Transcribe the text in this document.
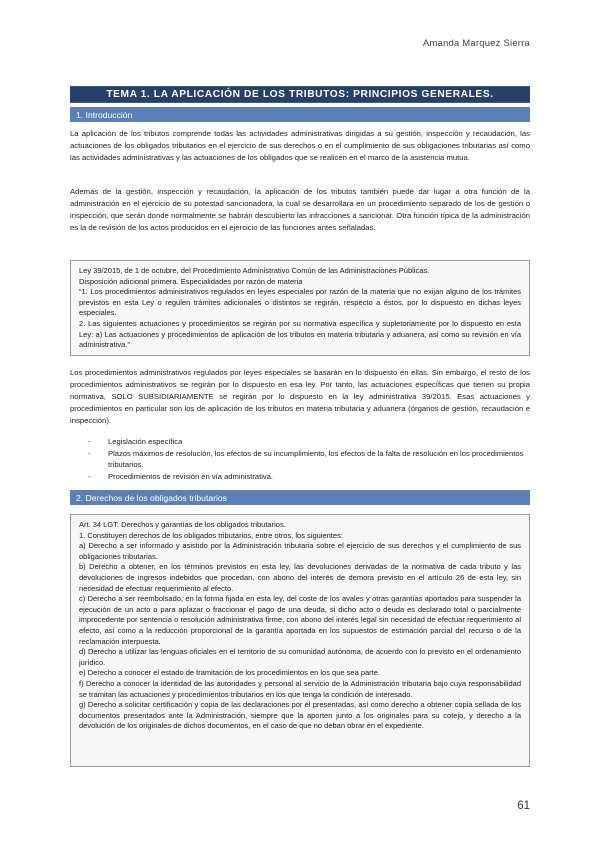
Amanda Marquez Sierra
TEMA 1. LA APLICACIÓN DE LOS TRIBUTOS: PRINCIPIOS GENERALES.
1. Introducción
La aplicación de los tributos comprende todas las actividades administrativas dirigidas a su gestión, inspección y recaudación, las actuaciones de los obligados tributarios en el ejercicio de sus derechos o en el cumplimiento de sus obligaciones tributarias así como las actividades administrativas y las actuaciones de los obligados que se realicen en el marco de la asistencia mutua.
Además de la gestión, inspección y recaudación, la aplicación de los tributos también puede dar lugar a otra función de la administración en el ejercicio de su potestad sancionadora, la cual se desarrollara en un procedimiento separado de los de gestión o inspección, que serán donde normalmente se habrán descubierto las infracciones a sancionar. Otra función típica de la administración es la de revisión de los actos producidos en el ejercicio de las funciones antes señaladas.

Ley 39/2015, de 1 de octubre, del Procedimiento Administrativo Común de las Administraciones Públicas.

Disposición adicional primera. Especialidades por razón de materia

“1. Los procedimientos administrativos regulados en leyes especiales por razón de la materia que no exijan alguno de los trámites previstos en esta Ley o regulen trámites adicionales o distintos se regirán, respecto a éstos, por lo dispuesto en dichas leyes especiales.

2. Las siguientes actuaciones y procedimientos se regirán por su normativa específica y supletoriamente por lo dispuesto en esta Ley: a) Las actuaciones y procedimientos de aplicación de los tributos en materia tributaria y aduanera, así como su revisión en vía administrativa.”

Los procedimientos administrativos regulados por leyes especiales se basarán en lo dispuesto en ellas. Sin embargo, el resto de los procedimientos administrativos se regirán por lo dispuesto en esa ley. Por tanto, las actuaciones específicas que tienen su propia normativa, SOLO SUBSIDIARIAMENTE se regirán por lo dispuesto en la ley administrativa 39/2015. Esas actuaciones y procedimientos en particular son los de aplicación de los tributos en materia tributaria y aduanera (órganos de gestión, recaudación e inspección).
- Legislación específica
- Plazos máximos de resolución, los efectos de su incumplimiento, los efectos de la falta de resolución en los procedimientos tributarios.
- Procedimientos de revisión en vía administrativa.
2. Derechos de los obligados tributarios

Art. 34 LGT: Derechos y garantías de los obligados tributarios.

1. Constituyen derechos de los obligados tributarios, entre otros, los siguientes:

a) Derecho a ser informado y asistido por la Administración tributaria sobre el ejercicio de sus derechos y el cumplimiento de sus obligaciones tributarias.

b) Derecho a obtener, en los términos previstos en esta ley, las devoluciones derivadas de la normativa de cada tributo y las devoluciones de ingresos indebidos que procedan, con abono del interés de demora previsto en el artículo 26 de esta ley, sin necesidad de efectuar requerimiento al efecto.

c) Derecho a ser reembolsado, en la forma fijada en esta ley, del coste de los avales y otras garantías aportados para suspender la ejecución de un acto o para aplazar o fraccionar el pago de una deuda, si dicho acto o deuda es declarado total o parcialmente improcedente por sentencia o resolución administrativa firme, con abono del interés legal sin necesidad de efectuar requerimiento al efecto, así como a la reducción proporcional de la garantía aportada en los supuestos de estimación parcial del recurso o de la reclamación interpuesta.

d) Derecho a utilizar las lenguas oficiales en el territorio de su comunidad autónoma, de acuerdo con lo previsto en el ordenamiento jurídico.

e) Derecho a conocer el estado de tramitación de los procedimientos en los que sea parte.

f) Derecho a conocer la identidad de las autoridades y personal al servicio de la Administración tributaria bajo cuya responsabilidad se tramitan las actuaciones y procedimientos tributarios en los que tenga la condición de interesado.

g) Derecho a solicitar certificación y copia de las declaraciones por él presentadas, así como derecho a obtener copia sellada de los documentos presentados ante la Administración, siempre que la aporten junto a los originales para su cotejo, y derecho a la devolución de los originales de dichos documentos, en el caso de que no deban obrar en el expediente.

61
